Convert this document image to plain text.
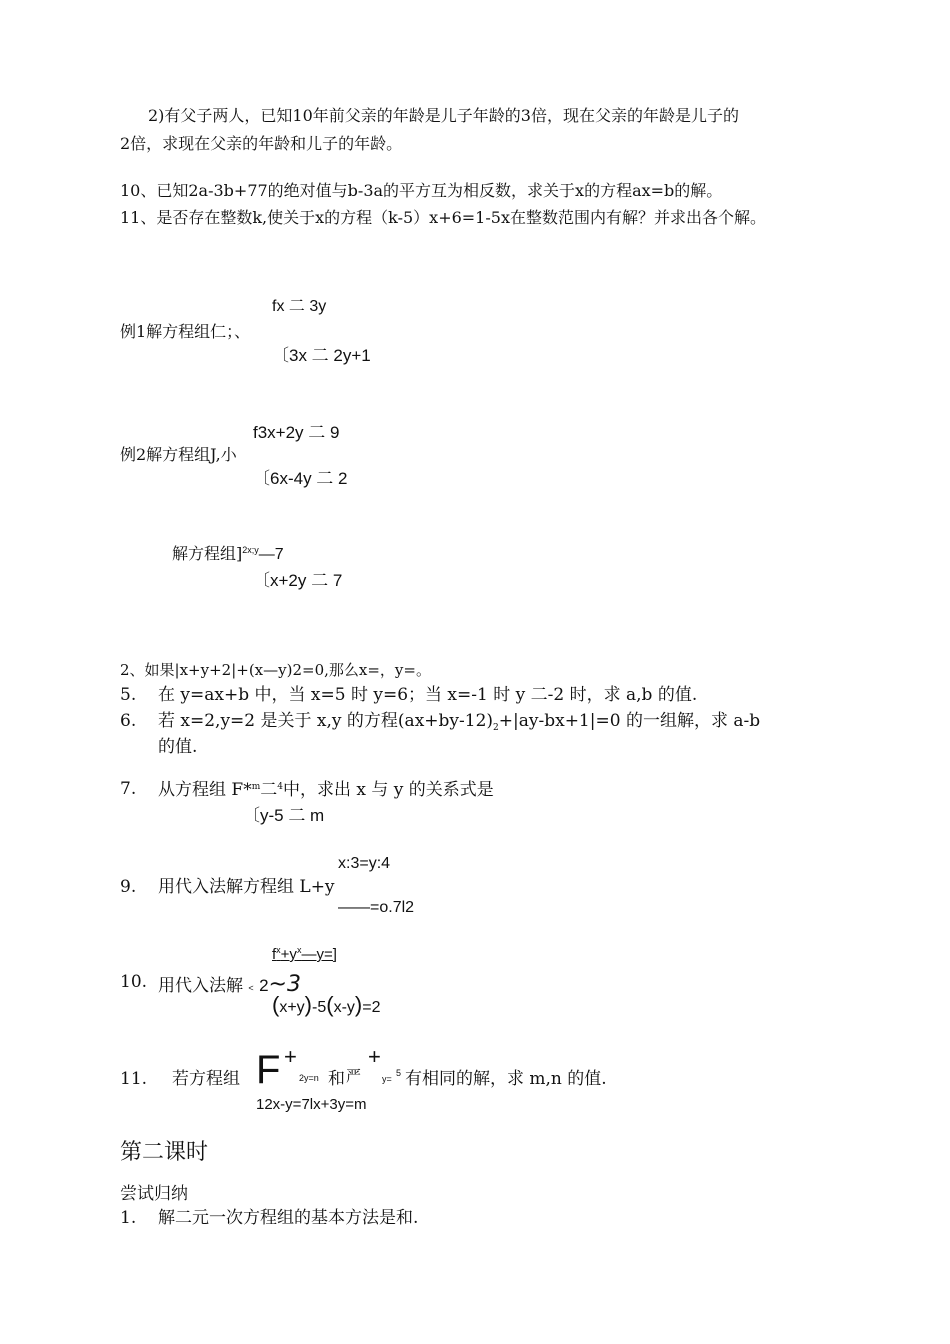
2)有父子两人，已知10年前父亲的年龄是儿子年龄的3倍，现在父亲的年龄是儿子的
2倍，求现在父亲的年龄和儿子的年龄。
10、已知2a-3b+77的绝对值与b-3a的平方互为相反数，求关于x的方程ax=b的解。
11、是否存在整数k,使关于x的方程（k-5）x+6=1-5x在整数范围内有解？并求出各个解。
fx 二 3y
例1解方程组仁；、
〔3x 二 2y+1
f3x+2y 二 9
例2解方程组J,小
〔6x-4y 二 2
解方程组]$^{2x;y}$—7
〔x+2y 二 7
2、如果|x+y+2|+(x—y)2=0,那么x=，y=。
5. 在 y=ax+b 中，当 x=5 时 y=6；当 x=-1 时 y 二-2 时，求 a,b 的值.
6. 若 x=2,y=2 是关于 x,y 的方程$(ax+by-12)_2+|ay-bx+1|=0$ 的一组解，求 a-b
的值.
7. 从方程组 F*$^m$二$^4$中，求出 x 与 y 的关系式是
〔y-5 二 m
x:3=y:4
9. 用代入法解方程组 L+y
——=o.7l2
$f^x+y^x—y=$]
10. 用代入法解 < 2~3
(x+y)-5(x-y)=2
11. 若方程组 F +
2y=n 和 严
+
y=
5 有相同的解，求 m,n 的值.
12x-y=7lx+3y=m
第二课时
尝试归纳
1. 解二元一次方程组的基本方法是和.
